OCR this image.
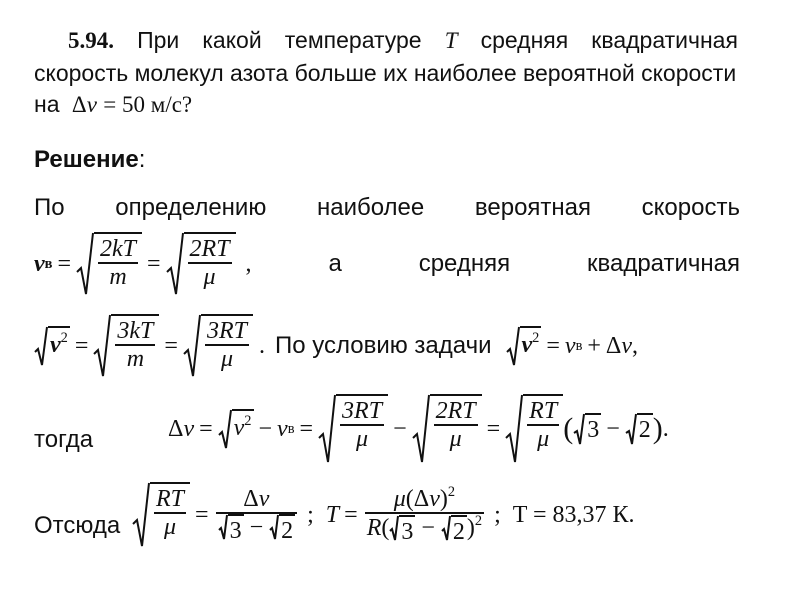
5.94. При какой температуре T средняя квадратичная
скорость молекул азота больше их наиболее вероятной скорости
на Δv = 50 м/с?
Решение:
По определению наиболее вероятная скорость
v $в = \frac{2kT}{m} = \frac{2RT}{\mu}$ ,	а	средняя	квадратичная
$v^2 = \frac{3kT}{m} = \frac{3RT}{\mu}$ . По условию задачи $v^2 = v$ в + Δv ,
тогда	$\Delta v = v^2 - v$ $в = \frac{3RT}{\mu} - \frac{2RT}{\mu} = \frac{RT}{\mu}$ ( 3 − 2 ) .
Отсюда $\frac{RT}{\mu} = \frac{\Delta v}{3 - 2}$ ; $T = \frac{\mu(\Delta v)^2}{R( 3 - 2 )^2}$ ; T = 83,37 К.
